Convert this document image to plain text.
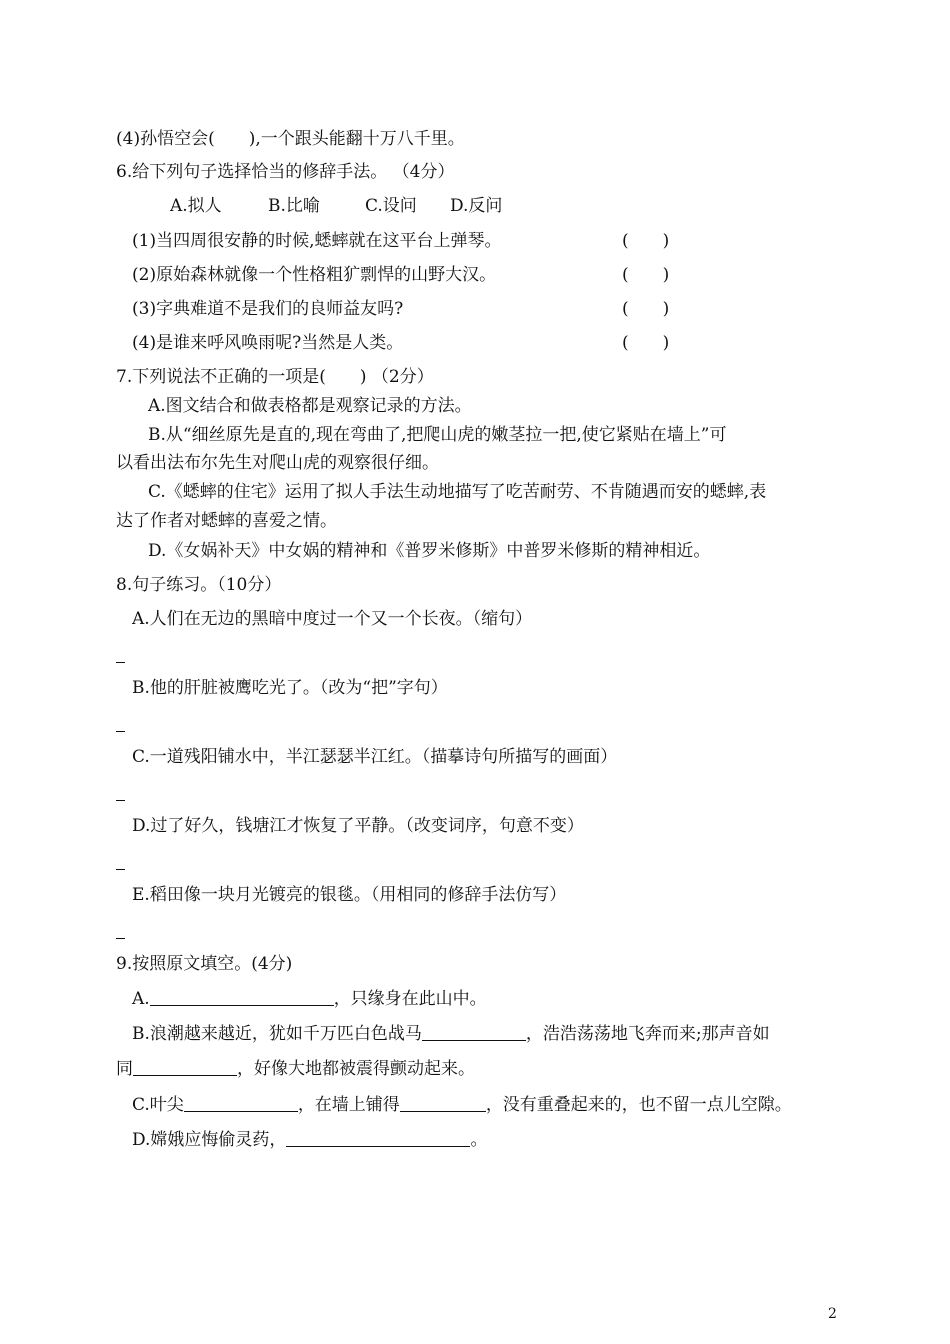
(4)孙悟空会(　　),一个跟头能翻十万八千里。
6.给下列句子选择恰当的修辞手法。 （4分）
A.拟人	B.比喻	C.设问 D.反问
(1)当四周很安静的时候,蟋蟀就在这平台上弹琴。	(　　)
(2)原始森林就像一个性格粗犷剽悍的山野大汉。	(　　)
(3)字典难道不是我们的良师益友吗?	(　　)
(4)是谁来呼风唤雨呢?当然是人类。	(　　)
7.下列说法不正确的一项是(　　) （2分）
A.图文结合和做表格都是观察记录的方法。
B.从“细丝原先是直的,现在弯曲了,把爬山虎的嫩茎拉一把,使它紧贴在墙上”可
以看出法布尔先生对爬山虎的观察很仔细。
C.《蟋蟀的住宅》运用了拟人手法生动地描写了吃苦耐劳、不肯随遇而安的蟋蟀,表
达了作者对蟋蟀的喜爱之情。
D.《女娲补天》中女娲的精神和《普罗米修斯》中普罗米修斯的精神相近。
8.句子练习。（10分）
A.人们在无边的黑暗中度过一个又一个长夜。（缩句）
B.他的肝脏被鹰吃光了。（改为“把”字句）
C.一道残阳铺水中，半江瑟瑟半江红。（描摹诗句所描写的画面）
D.过了好久，钱塘江才恢复了平静。（改变词序，句意不变）
E.稻田像一块月光镀亮的银毯。（用相同的修辞手法仿写）
9.按照原文填空。(4分)
A.	，只缘身在此山中。
B.浪潮越来越近，犹如千万匹白色战马	，浩浩荡荡地飞奔而来;那声音如
同	，好像大地都被震得颤动起来。
C.叶尖	，在墙上铺得	，没有重叠起来的，也不留一点儿空隙。
D.嫦娥应悔偷灵药，	。
2
